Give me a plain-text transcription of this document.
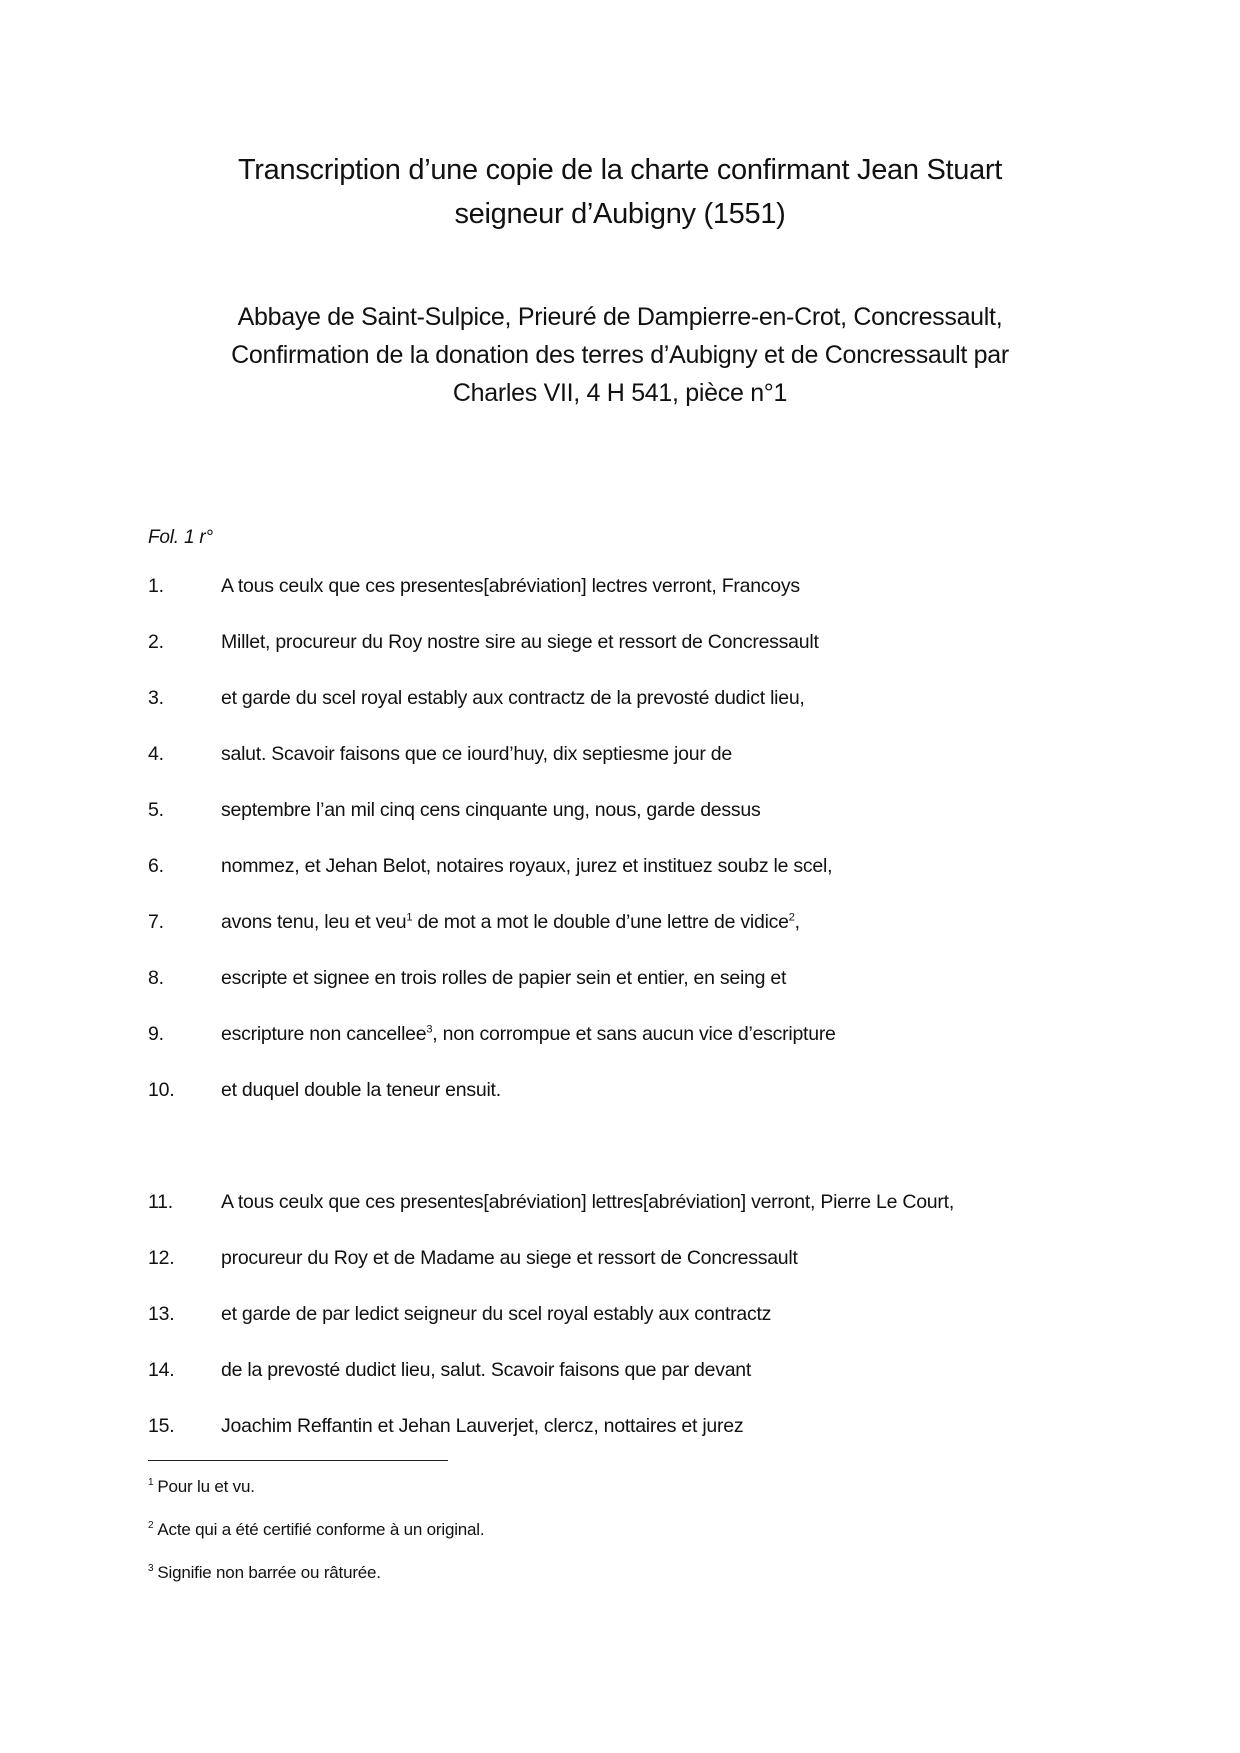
Transcription d’une copie de la charte confirmant Jean Stuart
seigneur d’Aubigny (1551)
Abbaye de Saint-Sulpice, Prieuré de Dampierre-en-Crot, Concressault,
Confirmation de la donation des terres d’Aubigny et de Concressault par
Charles VII, 4 H 541, pièce n°1
Fol. 1 r°
1.	A tous ceulx que ces presentes[abréviation] lectres verront, Francoys
2.	Millet, procureur du Roy nostre sire au siege et ressort de Concressault
3.	et garde du scel royal estably aux contractz de la prevosté dudict lieu,
4.	salut. Scavoir faisons que ce iourd’huy, dix septiesme jour de
5.	septembre l’an mil cinq cens cinquante ung, nous, garde dessus
6.	nommez, et Jehan Belot, notaires royaux, jurez et instituez soubz le scel,
7.	avons tenu, leu et veu$^1$ de mot a mot le double d’une lettre de vidice$^2$,
8.	escripte et signee en trois rolles de papier sein et entier, en seing et
9.	escripture non cancellee$^3$, non corrompue et sans aucun vice d’escripture
10. et duquel double la teneur ensuit.
11. A tous ceulx que ces presentes[abréviation] lettres[abréviation] verront, Pierre Le Court,
12. procureur du Roy et de Madame au siege et ressort de Concressault
13. et garde de par ledict seigneur du scel royal estably aux contractz
14. de la prevosté dudict lieu, salut. Scavoir faisons que par devant
15. Joachim Reffantin et Jehan Lauverjet, clercz, nottaires et jurez
$^1$ Pour lu et vu.
$^2$ Acte qui a été certifié conforme à un original.
$^3$ Signifie non barrée ou râturée.
